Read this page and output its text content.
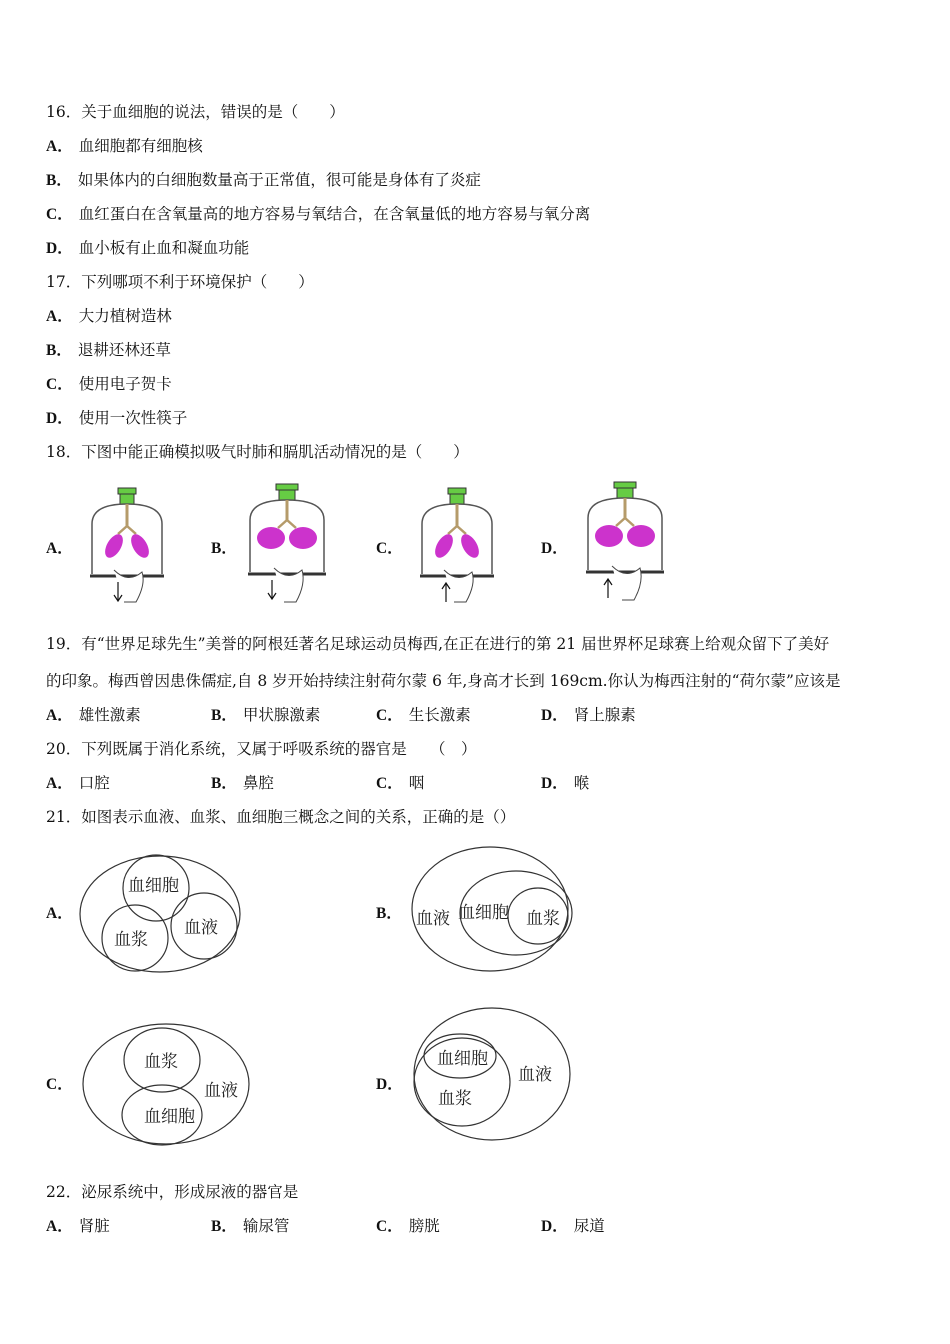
16．关于血细胞的说法，错误的是（　　）
A． 血细胞都有细胞核
B． 如果体内的白细胞数量高于正常值，很可能是身体有了炎症
C． 血红蛋白在含氧量高的地方容易与氧结合，在含氧量低的地方容易与氧分离
D． 血小板有止血和凝血功能
17．下列哪项不利于环境保护（　　）
A． 大力植树造林
B． 退耕还林还草
C． 使用电子贺卡
D． 使用一次性筷子
18．下图中能正确模拟吸气时肺和膈肌活动情况的是（　　）
A．	B．	C．	D．
19．有“世界足球先生”美誉的阿根廷著名足球运动员梅西,在正在进行的第 21 届世界杯足球赛上给观众留下了美好
的印象。梅西曾因患侏儒症,自 8 岁开始持续注射荷尔蒙 6 年,身高才长到 169cm.你认为梅西注射的“荷尔蒙”应该是
A． 雄性激素	B． 甲状腺激素	C． 生长激素	D． 肾上腺素
20．下列既属于消化系统，又属于呼吸系统的器官是　　（　）
A． 口腔	B． 鼻腔	C． 咽	D． 喉
21．如图表示血液、血浆、血细胞三概念之间的关系，正确的是（）
A．
血细胞
血浆
血液
B． 血液 血细胞 血浆
C．
血浆
血液
血细胞
D．
血细胞
血液
血浆
22．泌尿系统中，形成尿液的器官是
A． 肾脏	B． 输尿管	C． 膀胱	D． 尿道
